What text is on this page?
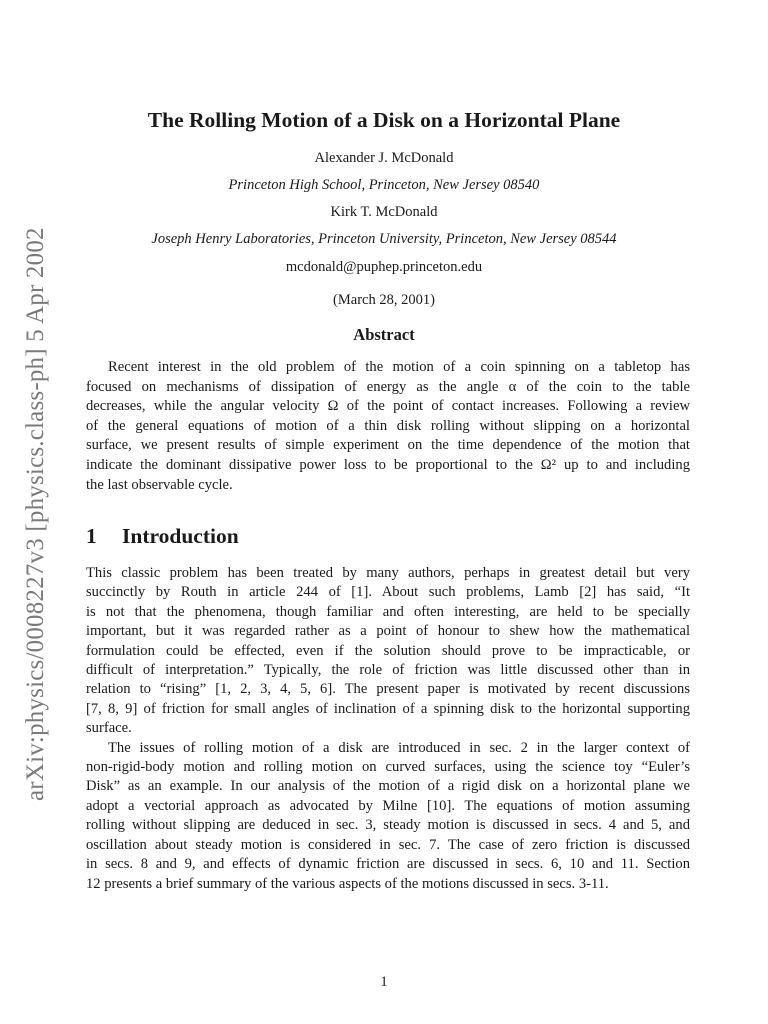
arXiv:physics/0008227v3 [physics.class-ph] 5 Apr 2002
The Rolling Motion of a Disk on a Horizontal Plane
Alexander J. McDonald
Princeton High School, Princeton, New Jersey 08540
Kirk T. McDonald
Joseph Henry Laboratories, Princeton University, Princeton, New Jersey 08544
mcdonald@puphep.princeton.edu
(March 28, 2001)
Abstract
Recent interest in the old problem of the motion of a coin spinning on a tabletop has
focused on mechanisms of dissipation of energy as the angle α of the coin to the table
decreases, while the angular velocity Ω of the point of contact increases. Following a review
of the general equations of motion of a thin disk rolling without slipping on a horizontal
surface, we present results of simple experiment on the time dependence of the motion that
indicate the dominant dissipative power loss to be proportional to the Ω² up to and including
the last observable cycle.
1 Introduction
This classic problem has been treated by many authors, perhaps in greatest detail but very
succinctly by Routh in article 244 of [1]. About such problems, Lamb [2] has said, “It
is not that the phenomena, though familiar and often interesting, are held to be specially
important, but it was regarded rather as a point of honour to shew how the mathematical
formulation could be effected, even if the solution should prove to be impracticable, or
difficult of interpretation.” Typically, the role of friction was little discussed other than in
relation to “rising” [1, 2, 3, 4, 5, 6]. The present paper is motivated by recent discussions
[7, 8, 9] of friction for small angles of inclination of a spinning disk to the horizontal supporting
surface.
The issues of rolling motion of a disk are introduced in sec. 2 in the larger context of
non-rigid-body motion and rolling motion on curved surfaces, using the science toy “Euler’s
Disk” as an example. In our analysis of the motion of a rigid disk on a horizontal plane we
adopt a vectorial approach as advocated by Milne [10]. The equations of motion assuming
rolling without slipping are deduced in sec. 3, steady motion is discussed in secs. 4 and 5, and
oscillation about steady motion is considered in sec. 7. The case of zero friction is discussed
in secs. 8 and 9, and effects of dynamic friction are discussed in secs. 6, 10 and 11. Section
12 presents a brief summary of the various aspects of the motions discussed in secs. 3-11.
1
